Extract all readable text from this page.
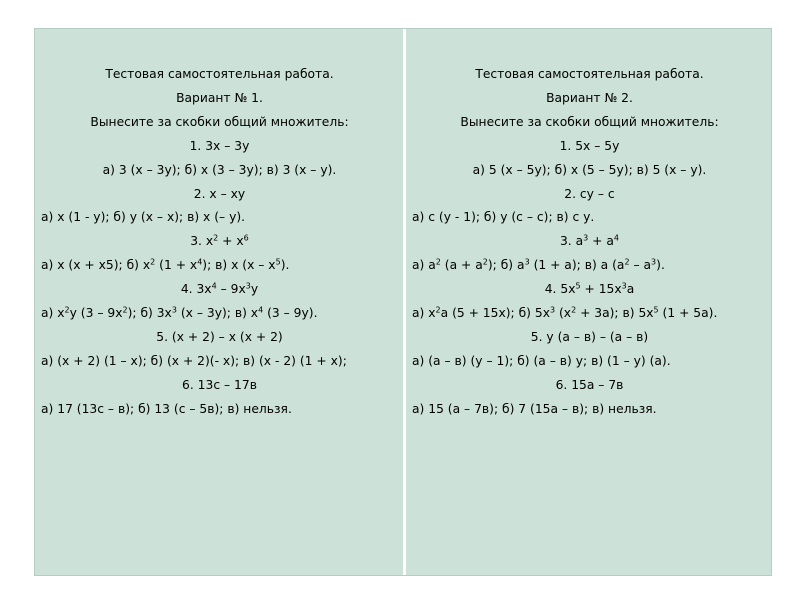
Тестовая самостоятельная работа.
Вариант № 1.
Вынесите за скобки общий множитель:
1. 3х – 3у
а) 3 (х – 3у); б) х (3 – 3у); в) 3 (х – у).
2. х – ху
а) х (1 - у); б) у (х – х); в) х (– у).
3. $х^2 + х^6$
а) х (х + х5); б) $х^2$ $(1 + х^4)$; в) х $(х - х^5)$.
4. $3х^4 - 9х^3у$
а) $х^2у$ $(3 - 9х^2)$; б) $3х^3$ (х – 3у); в) $х^4$ (3 – 9у).
5. (х + 2) – х (х + 2)
а) (х + 2) (1 – х); б) (х + 2)(- х); в) (х - 2) (1 + х);
6. 13с – 17в
а) 17 (13с – в); б) 13 (с – 5в); в) нельзя.
Тестовая самостоятельная работа.
Вариант № 2.
Вынесите за скобки общий множитель:
1. 5х – 5у
а) 5 (х – 5у); б) х (5 – 5у); в) 5 (х – у).
2. су – с
а) с (у - 1); б) у (с – с); в) с у.
3. $а^3 + а^4$
а) $а^2$ $(а + а^2)$; б) $а^3$ (1 + а); в) а $(а^2 - а^3)$.
4. $5х^5 + 15х^3а$
а) $х^2а$ (5 + 15х); б) $5х^3$ $(х^2 + 3а)$; в) $5х^5$ (1 + 5а).
5. у (а – в) – (а – в)
а) (а – в) (у – 1); б) (а – в) у; в) (1 – у) (а).
6. 15а – 7в
а) 15 (а – 7в); б) 7 (15а – в); в) нельзя.
